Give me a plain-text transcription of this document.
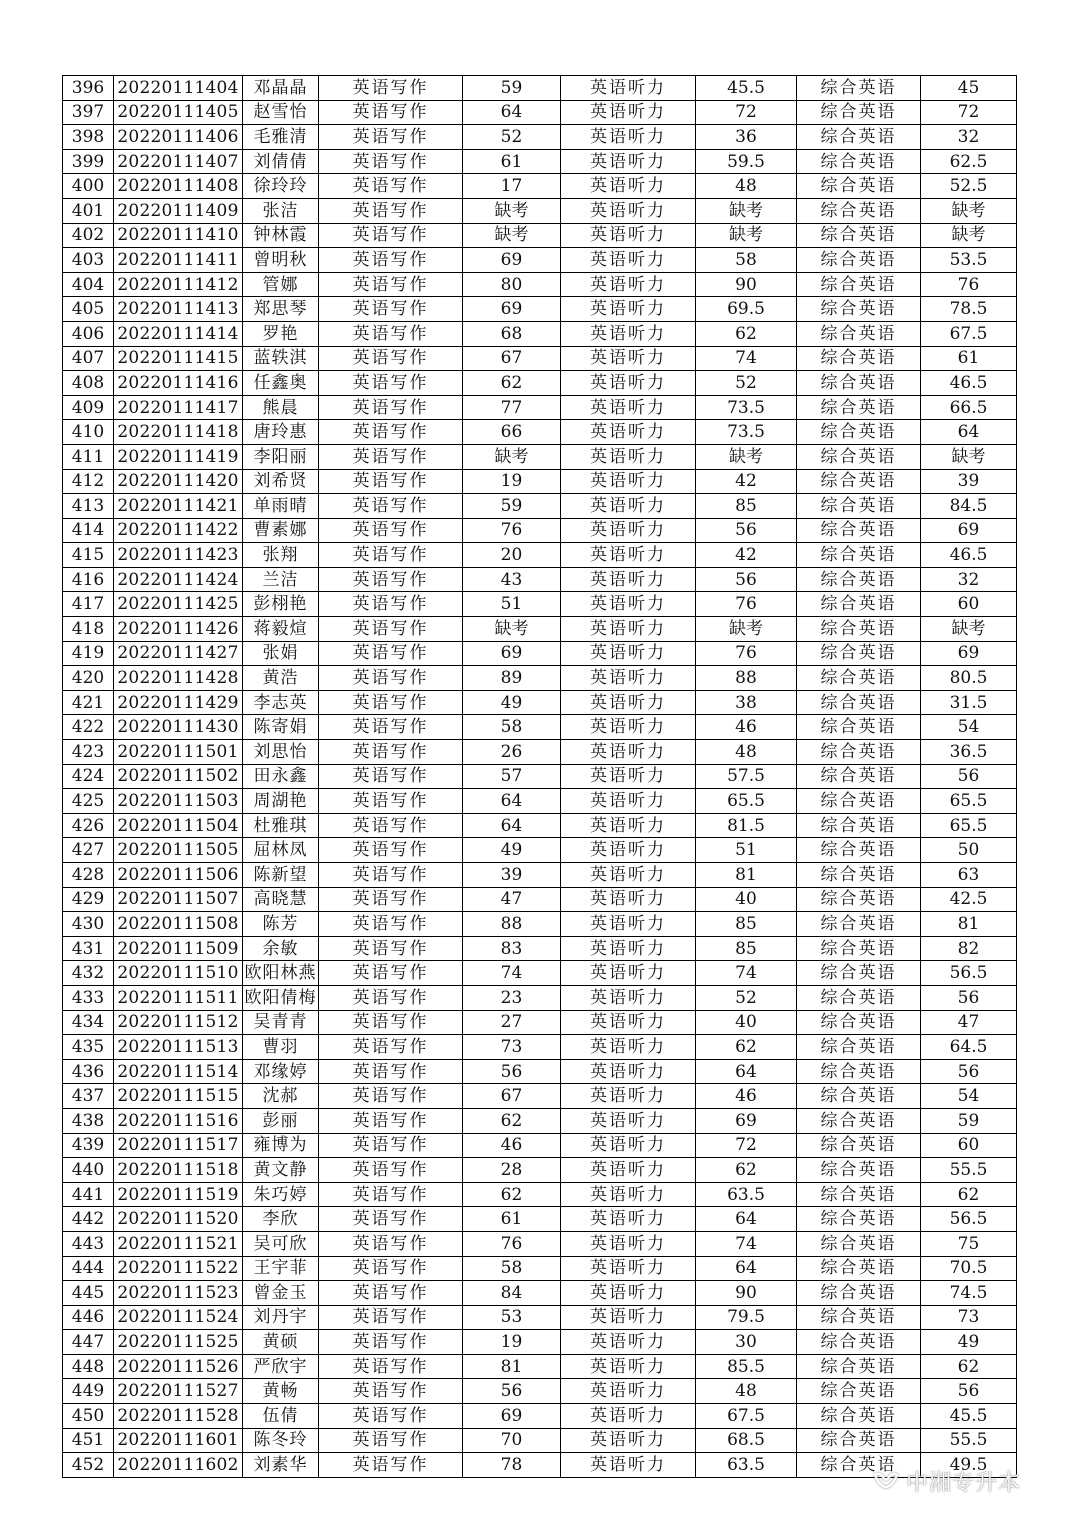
396	20220111404	邓晶晶	英语写作	59	英语听力	45.5	综合英语	45
397	20220111405	赵雪怡	英语写作	64	英语听力	72	综合英语	72
398	20220111406	毛雅清	英语写作	52	英语听力	36	综合英语	32
399	20220111407	刘倩倩	英语写作	61	英语听力	59.5	综合英语	62.5
400	20220111408	徐玲玲	英语写作	17	英语听力	48	综合英语	52.5
401	20220111409	张洁	英语写作	缺考	英语听力	缺考	综合英语	缺考
402	20220111410	钟林霞	英语写作	缺考	英语听力	缺考	综合英语	缺考
403	20220111411	曾明秋	英语写作	69	英语听力	58	综合英语	53.5
404	20220111412	管娜	英语写作	80	英语听力	90	综合英语	76
405	20220111413	郑思琴	英语写作	69	英语听力	69.5	综合英语	78.5
406	20220111414	罗艳	英语写作	68	英语听力	62	综合英语	67.5
407	20220111415	蓝轶淇	英语写作	67	英语听力	74	综合英语	61
408	20220111416	任鑫奥	英语写作	62	英语听力	52	综合英语	46.5
409	20220111417	熊晨	英语写作	77	英语听力	73.5	综合英语	66.5
410	20220111418	唐玲惠	英语写作	66	英语听力	73.5	综合英语	64
411	20220111419	李阳丽	英语写作	缺考	英语听力	缺考	综合英语	缺考
412	20220111420	刘希贤	英语写作	19	英语听力	42	综合英语	39
413	20220111421	单雨晴	英语写作	59	英语听力	85	综合英语	84.5
414	20220111422	曹素娜	英语写作	76	英语听力	56	综合英语	69
415	20220111423	张翔	英语写作	20	英语听力	42	综合英语	46.5
416	20220111424	兰洁	英语写作	43	英语听力	56	综合英语	32
417	20220111425	彭栩艳	英语写作	51	英语听力	76	综合英语	60
418	20220111426	蒋毅煊	英语写作	缺考	英语听力	缺考	综合英语	缺考
419	20220111427	张娟	英语写作	69	英语听力	76	综合英语	69
420	20220111428	黄浩	英语写作	89	英语听力	88	综合英语	80.5
421	20220111429	李志英	英语写作	49	英语听力	38	综合英语	31.5
422	20220111430	陈寄娟	英语写作	58	英语听力	46	综合英语	54
423	20220111501	刘思怡	英语写作	26	英语听力	48	综合英语	36.5
424	20220111502	田永鑫	英语写作	57	英语听力	57.5	综合英语	56
425	20220111503	周湖艳	英语写作	64	英语听力	65.5	综合英语	65.5
426	20220111504	杜雅琪	英语写作	64	英语听力	81.5	综合英语	65.5
427	20220111505	屈林凤	英语写作	49	英语听力	51	综合英语	50
428	20220111506	陈新望	英语写作	39	英语听力	81	综合英语	63
429	20220111507	高晓慧	英语写作	47	英语听力	40	综合英语	42.5
430	20220111508	陈芳	英语写作	88	英语听力	85	综合英语	81
431	20220111509	余敏	英语写作	83	英语听力	85	综合英语	82
432	20220111510	欧阳林燕	英语写作	74	英语听力	74	综合英语	56.5
433	20220111511	欧阳倩梅	英语写作	23	英语听力	52	综合英语	56
434	20220111512	吴青青	英语写作	27	英语听力	40	综合英语	47
435	20220111513	曹羽	英语写作	73	英语听力	62	综合英语	64.5
436	20220111514	邓缘婷	英语写作	56	英语听力	64	综合英语	56
437	20220111515	沈郝	英语写作	67	英语听力	46	综合英语	54
438	20220111516	彭丽	英语写作	62	英语听力	69	综合英语	59
439	20220111517	雍博为	英语写作	46	英语听力	72	综合英语	60
440	20220111518	黄文静	英语写作	28	英语听力	62	综合英语	55.5
441	20220111519	朱巧婷	英语写作	62	英语听力	63.5	综合英语	62
442	20220111520	李欣	英语写作	61	英语听力	64	综合英语	56.5
443	20220111521	吴可欣	英语写作	76	英语听力	74	综合英语	75
444	20220111522	王宇菲	英语写作	58	英语听力	64	综合英语	70.5
445	20220111523	曾金玉	英语写作	84	英语听力	90	综合英语	74.5
446	20220111524	刘丹宇	英语写作	53	英语听力	79.5	综合英语	73
447	20220111525	黄硕	英语写作	19	英语听力	30	综合英语	49
448	20220111526	严欣宇	英语写作	81	英语听力	85.5	综合英语	62
449	20220111527	黄畅	英语写作	56	英语听力	48	综合英语	56
450	20220111528	伍倩	英语写作	69	英语听力	67.5	综合英语	45.5
451	20220111601	陈冬玲	英语写作	70	英语听力	68.5	综合英语	55.5
452	20220111602	刘素华	英语写作	78	英语听力	63.5	综合英语	49.5
中湘专升本
